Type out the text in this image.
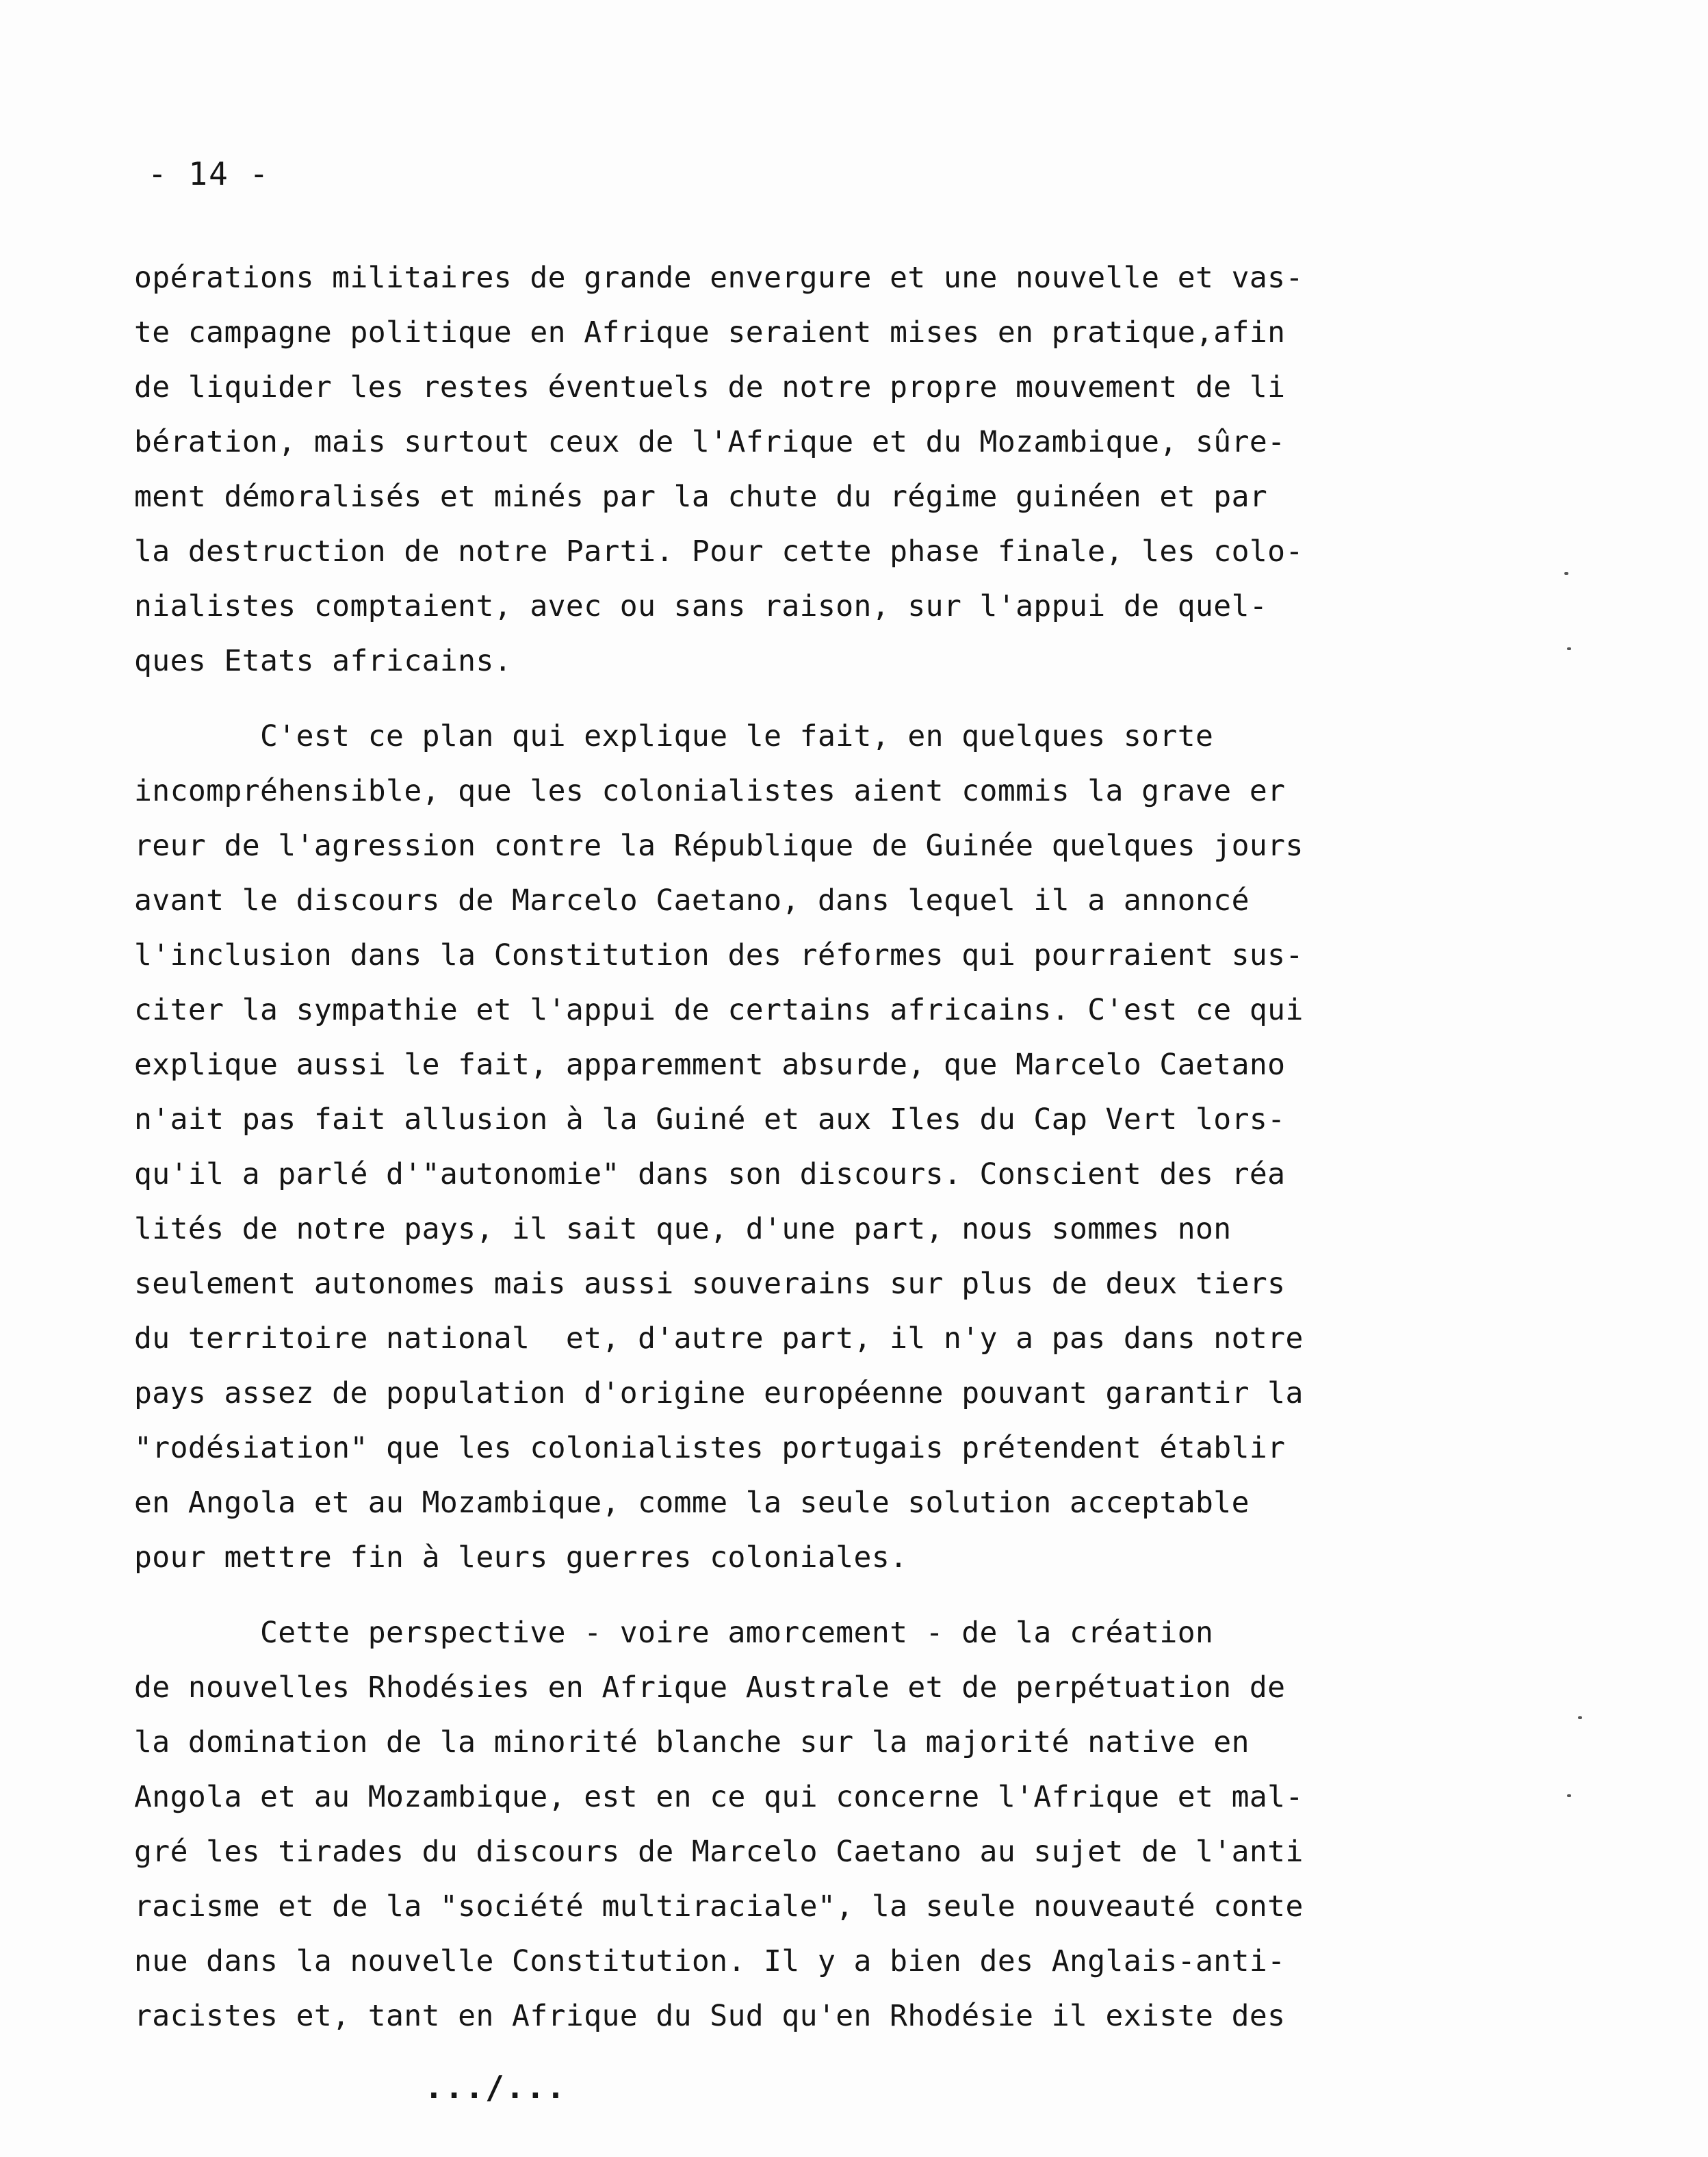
- 14 -
opérations militaires de grande envergure et une nouvelle et vas-
te campagne politique en Afrique seraient mises en pratique,afin
de liquider les restes éventuels de notre propre mouvement de li
bération, mais surtout ceux de l'Afrique et du Mozambique, sûre-
ment démoralisés et minés par la chute du régime guinéen et par
la destruction de notre Parti. Pour cette phase finale, les colo-
nialistes comptaient, avec ou sans raison, sur l'appui de quel-
ques Etats africains.
C'est ce plan qui explique le fait, en quelques sorte
incompréhensible, que les colonialistes aient commis la grave er
reur de l'agression contre la République de Guinée quelques jours
avant le discours de Marcelo Caetano, dans lequel il a annoncé
l'inclusion dans la Constitution des réformes qui pourraient sus-
citer la sympathie et l'appui de certains africains. C'est ce qui
explique aussi le fait, apparemment absurde, que Marcelo Caetano
n'ait pas fait allusion à la Guiné et aux Iles du Cap Vert lors-
qu'il a parlé d'"autonomie" dans son discours. Conscient des réa
lités de notre pays, il sait que, d'une part, nous sommes non
seulement autonomes mais aussi souverains sur plus de deux tiers
du territoire national  et, d'autre part, il n'y a pas dans notre
pays assez de population d'origine européenne pouvant garantir la
"rodésiation" que les colonialistes portugais prétendent établir
en Angola et au Mozambique, comme la seule solution acceptable
pour mettre fin à leurs guerres coloniales.
Cette perspective - voire amorcement - de la création
de nouvelles Rhodésies en Afrique Australe et de perpétuation de
la domination de la minorité blanche sur la majorité native en
Angola et au Mozambique, est en ce qui concerne l'Afrique et mal-
gré les tirades du discours de Marcelo Caetano au sujet de l'anti
racisme et de la "société multiraciale", la seule nouveauté conte
nue dans la nouvelle Constitution. Il y a bien des Anglais-anti-
racistes et, tant en Afrique du Sud qu'en Rhodésie il existe des
.../...
